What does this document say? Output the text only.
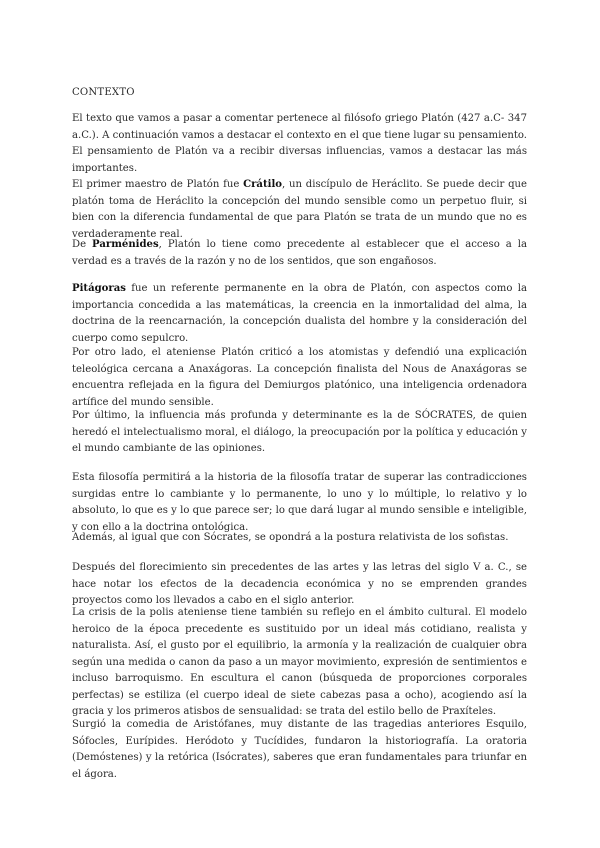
CONTEXTO

El texto que vamos a pasar a comentar pertenece al filósofo griego Platón (427 a.C- 347 a.C.). A continuación vamos a destacar el contexto en el que tiene lugar su pensamiento. El pensamiento de Platón va a recibir diversas influencias, vamos a destacar las más importantes.

El primer maestro de Platón fue Crátilo, un discípulo de Heráclito. Se puede decir que platón toma de Heráclito la concepción del mundo sensible como un perpetuo fluir, si bien con la diferencia fundamental de que para Platón se trata de un mundo que no es verdaderamente real.

De Parménides, Platón lo tiene como precedente al establecer que el acceso a la verdad es a través de la razón y no de los sentidos, que son engañosos.

Pitágoras fue un referente permanente en la obra de Platón, con aspectos como la importancia concedida a las matemáticas, la creencia en la inmortalidad del alma, la doctrina de la reencarnación, la concepción dualista del hombre y la consideración del cuerpo como sepulcro.

Por otro lado, el ateniense Platón criticó a los atomistas y defendió una explicación teleológica cercana a Anaxágoras. La concepción finalista del Nous de Anaxágoras se encuentra reflejada en la figura del Demiurgos platónico, una inteligencia ordenadora artífice del mundo sensible.

Por último, la influencia más profunda y determinante es la de SÓCRATES, de quien heredó el intelectualismo moral, el diálogo, la preocupación por la política y educación y el mundo cambiante de las opiniones.

Esta filosofía permitirá a la historia de la filosofía tratar de superar las contradicciones surgidas entre lo cambiante y lo permanente, lo uno y lo múltiple, lo relativo y lo absoluto, lo que es y lo que parece ser; lo que dará lugar al mundo sensible e inteligible, y con ello a la doctrina ontológica.

Además, al igual que con Sócrates, se opondrá a la postura relativista de los sofistas.

Después del florecimiento sin precedentes de las artes y las letras del siglo V a. C., se hace notar los efectos de la decadencia económica y no se emprenden grandes proyectos como los llevados a cabo en el siglo anterior.

La crisis de la polis ateniense tiene también su reflejo en el ámbito cultural. El modelo heroico de la época precedente es sustituido por un ideal más cotidiano, realista y naturalista. Así, el gusto por el equilibrio, la armonía y la realización de cualquier obra según una medida o canon da paso a un mayor movimiento, expresión de sentimientos e incluso barroquismo. En escultura el canon (búsqueda de proporciones corporales perfectas) se estiliza (el cuerpo ideal de siete cabezas pasa a ocho), acogiendo así la gracia y los primeros atisbos de sensualidad: se trata del estilo bello de Praxíteles.

Surgió la comedia de Aristófanes, muy distante de las tragedias anteriores Esquilo, Sófocles, Eurípides. Heródoto y Tucídides, fundaron la historiografía. La oratoria (Demóstenes) y la retórica (Isócrates), saberes que eran fundamentales para triunfar en el ágora.
